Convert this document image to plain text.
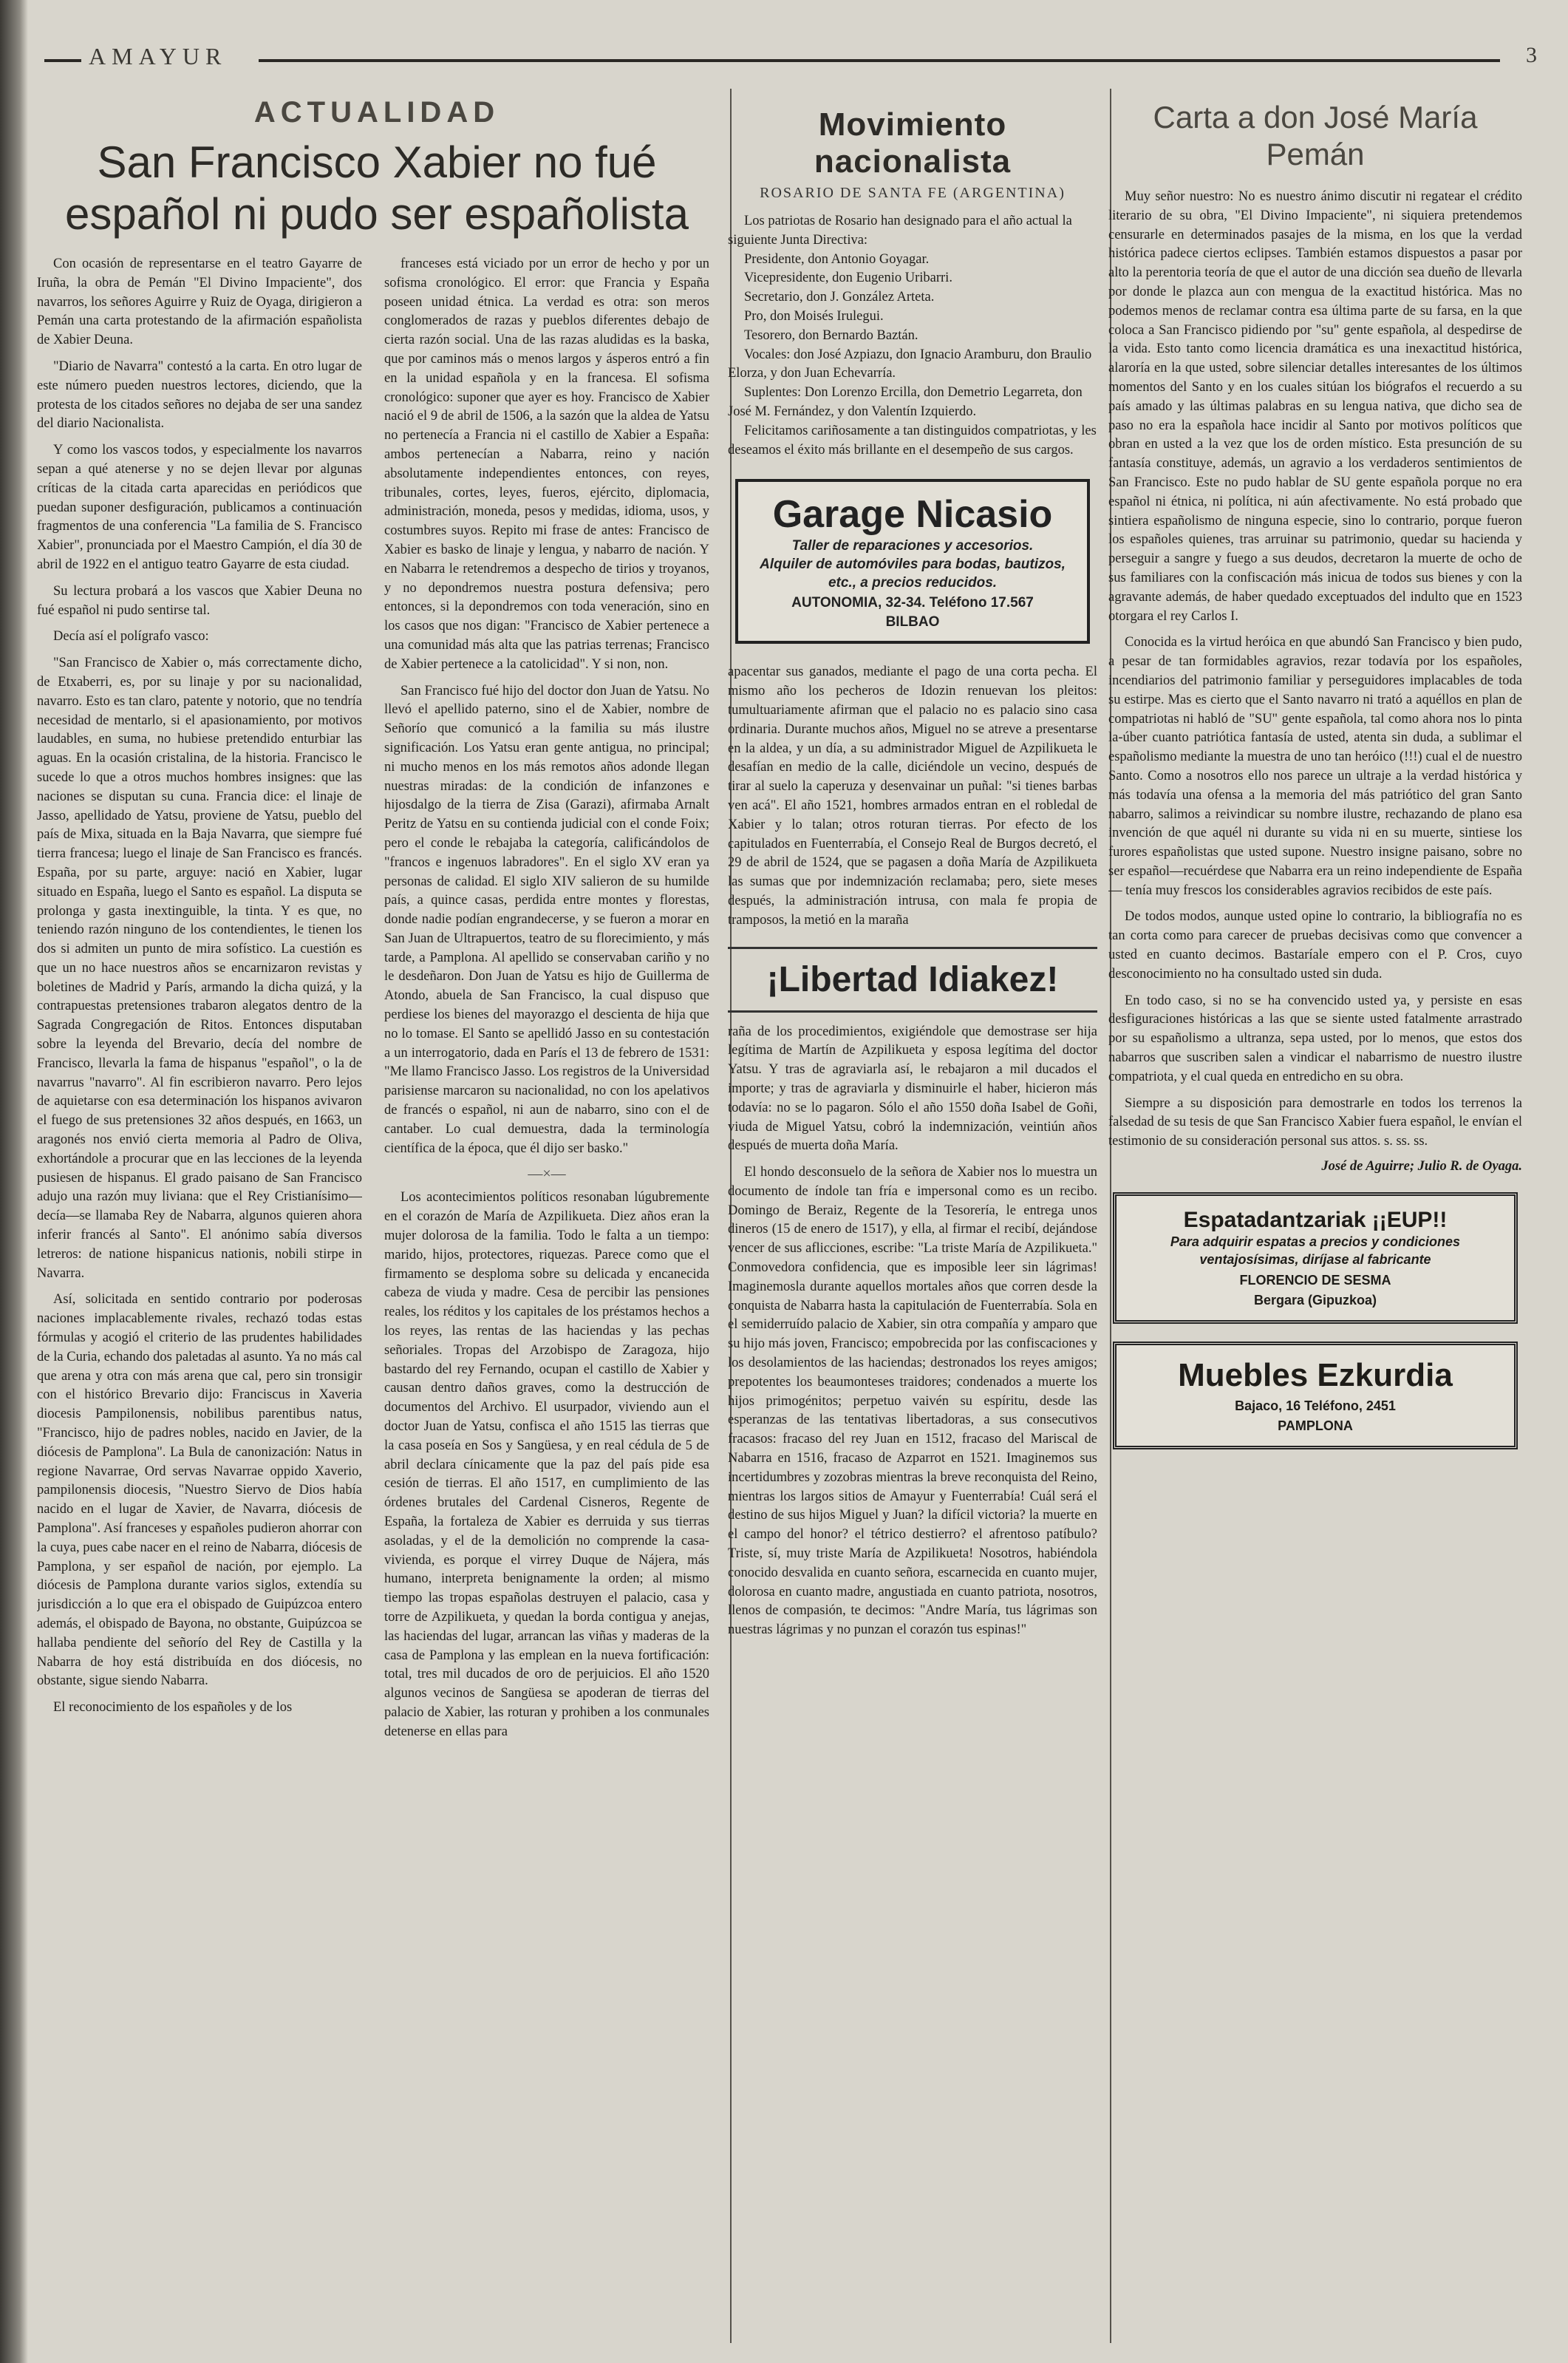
AMAYUR	3
ACTUALIDAD
San Francisco Xabier no fué español ni pudo ser españolista

Con ocasión de representarse en el teatro Gayarre de Iruña, la obra de Pemán "El Divino Impaciente", dos navarros, los señores Aguirre y Ruiz de Oyaga, dirigieron a Pemán una carta protestando de la afirmación españolista de Xabier Deuna.

"Diario de Navarra" contestó a la carta. En otro lugar de este número pueden nuestros lectores, diciendo, que la protesta de los citados señores no dejaba de ser una sandez del diario Nacionalista.

Y como los vascos todos, y especialmente los navarros sepan a qué atenerse y no se dejen llevar por algunas críticas de la citada carta aparecidas en periódicos que puedan suponer desfiguración, publicamos a continuación fragmentos de una conferencia "La familia de S. Francisco Xabier", pronunciada por el Maestro Campión, el día 30 de abril de 1922 en el antiguo teatro Gayarre de esta ciudad.

Su lectura probará a los vascos que Xabier Deuna no fué español ni pudo sentirse tal.

Decía así el polígrafo vasco:

"San Francisco de Xabier o, más correctamente dicho, de Etxaberri, es, por su linaje y por su nacionalidad, navarro. Esto es tan claro, patente y notorio, que no tendría necesidad de mentarlo, si el apasionamiento, por motivos laudables, en suma, no hubiese pretendido enturbiar las aguas. En la ocasión cristalina, de la historia. Francisco le sucede lo que a otros muchos hombres insignes: que las naciones se disputan su cuna. Francia dice: el linaje de Jasso, apellidado de Yatsu, proviene de Yatsu, pueblo del país de Mixa, situada en la Baja Navarra, que siempre fué tierra francesa; luego el linaje de San Francisco es francés. España, por su parte, arguye: nació en Xabier, lugar situado en España, luego el Santo es español. La disputa se prolonga y gasta inextinguible, la tinta. Y es que, no teniendo razón ninguno de los contendientes, le tienen los dos si admiten un punto de mira sofístico. La cuestión es que un no hace nuestros años se encarnizaron revistas y boletines de Madrid y París, armando la dicha quizá, y la contrapuestas pretensiones trabaron alegatos dentro de la Sagrada Congregación de Ritos. Entonces disputaban sobre la leyenda del Brevario, decía del nombre de Francisco, llevarla la fama de hispanus "español", o la de navarrus "navarro". Al fin escribieron navarro. Pero lejos de aquietarse con esa determinación los hispanos avivaron el fuego de sus pretensiones 32 años después, en 1663, un aragonés nos envió cierta memoria al Padro de Oliva, exhortándole a procurar que en las lecciones de la leyenda pusiesen de hispanus. El grado paisano de San Francisco adujo una razón muy liviana: que el Rey Cristianísimo—decía—se llamaba Rey de Nabarra, algunos quieren ahora inferir francés al Santo". El anónimo sabía diversos letreros: de natione hispanicus nationis, nobili stirpe in Navarra.

Así, solicitada en sentido contrario por poderosas naciones implacablemente rivales, rechazó todas estas fórmulas y acogió el criterio de las prudentes habilidades de la Curia, echando dos paletadas al asunto. Ya no más cal que arena y otra con más arena que cal, pero sin tronsigir con el histórico Brevario dijo: Franciscus in Xaveria diocesis Pampilonensis, nobilibus parentibus natus, "Francisco, hijo de padres nobles, nacido en Javier, de la diócesis de Pamplona". La Bula de canonización: Natus in regione Navarrae, Ord servas Navarrae oppido Xaverio, pampilonensis diocesis, "Nuestro Siervo de Dios había nacido en el lugar de Xavier, de Navarra, diócesis de Pamplona". Así franceses y españoles pudieron ahorrar con la cuya, pues cabe nacer en el reino de Nabarra, diócesis de Pamplona, y ser español de nación, por ejemplo. La diócesis de Pamplona durante varios siglos, extendía su jurisdicción a lo que era el obispado de Guipúzcoa entero además, el obispado de Bayona, no obstante, Guipúzcoa se hallaba pendiente del señorío del Rey de Castilla y la Nabarra de hoy está distribuída en dos diócesis, no obstante, sigue siendo Nabarra.

El reconocimiento de los españoles y de los

franceses está viciado por un error de hecho y por un sofisma cronológico. El error: que Francia y España poseen unidad étnica. La verdad es otra: son meros conglomerados de razas y pueblos diferentes debajo de cierta razón social. Una de las razas aludidas es la baska, que por caminos más o menos largos y ásperos entró a fin en la unidad española y en la francesa. El sofisma cronológico: suponer que ayer es hoy. Francisco de Xabier nació el 9 de abril de 1506, a la sazón que la aldea de Yatsu no pertenecía a Francia ni el castillo de Xabier a España: ambos pertenecían a Nabarra, reino y nación absolutamente independientes entonces, con reyes, tribunales, cortes, leyes, fueros, ejército, diplomacia, administración, moneda, pesos y medidas, idioma, usos, y costumbres suyos. Repito mi frase de antes: Francisco de Xabier es basko de linaje y lengua, y nabarro de nación. Y en Nabarra le retendremos a despecho de tirios y troyanos, y no depondremos nuestra postura defensiva; pero entonces, si la depondremos con toda veneración, sino en los casos que nos digan: "Francisco de Xabier pertenece a una comunidad más alta que las patrias terrenas; Francisco de Xabier pertenece a la catolicidad". Y si non, non.

San Francisco fué hijo del doctor don Juan de Yatsu. No llevó el apellido paterno, sino el de Xabier, nombre de Señorío que comunicó a la familia su más ilustre significación. Los Yatsu eran gente antigua, no principal; ni mucho menos en los más remotos años adonde llegan nuestras miradas: de la condición de infanzones e hijosdalgo de la tierra de Zisa (Garazi), afirmaba Arnalt Peritz de Yatsu en su contienda judicial con el conde Foix; pero el conde le rebajaba la categoría, calificándolos de "francos e ingenuos labradores". En el siglo XV eran ya personas de calidad. El siglo XIV salieron de su humilde país, a quince casas, perdida entre montes y florestas, donde nadie podían engrandecerse, y se fueron a morar en San Juan de Ultrapuertos, teatro de su florecimiento, y más tarde, a Pamplona. Al apellido se conservaban cariño y no le desdeñaron. Don Juan de Yatsu es hijo de Guillerma de Atondo, abuela de San Francisco, la cual dispuso que perdiese los bienes del mayorazgo el descienta de hija que no lo tomase. El Santo se apellidó Jasso en su contestación a un interrogatorio, dada en París el 13 de febrero de 1531: "Me llamo Francisco Jasso. Los registros de la Universidad parisiense marcaron su nacionalidad, no con los apelativos de francés o español, ni aun de nabarro, sino con el de cantaber. Lo cual demuestra, dada la terminología científica de la época, que él dijo ser basko."

—×—

Los acontecimientos políticos resonaban lúgubremente en el corazón de María de Azpilikueta. Diez años eran la mujer dolorosa de la familia. Todo le falta a un tiempo: marido, hijos, protectores, riquezas. Parece como que el firmamento se desploma sobre su delicada y encanecida cabeza de viuda y madre. Cesa de percibir las pensiones reales, los réditos y los capitales de los préstamos hechos a los reyes, las rentas de las haciendas y las pechas señoriales. Tropas del Arzobispo de Zaragoza, hijo bastardo del rey Fernando, ocupan el castillo de Xabier y causan dentro daños graves, como la destrucción de documentos del Archivo. El usurpador, viviendo aun el doctor Juan de Yatsu, confisca el año 1515 las tierras que la casa poseía en Sos y Sangüesa, y en real cédula de 5 de abril declara cínicamente que la paz del país pide esa cesión de tierras. El año 1517, en cumplimiento de las órdenes brutales del Cardenal Cisneros, Regente de España, la fortaleza de Xabier es derruida y sus tierras asoladas, y el de la demolición no comprende la casa-vivienda, es porque el virrey Duque de Nájera, más humano, interpreta benignamente la orden; al mismo tiempo las tropas españolas destruyen el palacio, casa y torre de Azpilikueta, y quedan la borda contigua y anejas, las haciendas del lugar, arrancan las viñas y maderas de la casa de Pamplona y las emplean en la nueva fortificación: total, tres mil ducados de oro de perjuicios. El año 1520 algunos vecinos de Sangüesa se apoderan de tierras del palacio de Xabier, las roturan y prohiben a los conmunales detenerse en ellas para

Movimiento nacionalista
ROSARIO DE SANTA FE (ARGENTINA)

Los patriotas de Rosario han designado para el año actual la siguiente Junta Directiva:

Presidente, don Antonio Goyagar.

Vicepresidente, don Eugenio Uribarri.

Secretario, don J. González Arteta.

Pro, don Moisés Irulegui.

Tesorero, don Bernardo Baztán.

Vocales: don José Azpiazu, don Ignacio Aramburu, don Braulio Elorza, y don Juan Echevarría.

Suplentes: Don Lorenzo Ercilla, don Demetrio Legarreta, don José M. Fernández, y don Valentín Izquierdo.

Felicitamos cariñosamente a tan distinguidos compatriotas, y les deseamos el éxito más brillante en el desempeño de sus cargos.

Garage Nicasio
Taller de reparaciones y accesorios.
Alquiler de automóviles para bodas, bautizos, etc., a precios reducidos.
AUTONOMIA, 32-34. Teléfono 17.567
BILBAO

apacentar sus ganados, mediante el pago de una corta pecha. El mismo año los pecheros de Idozin renuevan los pleitos: tumultuariamente afirman que el palacio no es palacio sino casa ordinaria. Durante muchos años, Miguel no se atreve a presentarse en la aldea, y un día, a su administrador Miguel de Azpilikueta le desafían en medio de la calle, diciéndole un vecino, después de tirar al suelo la caperuza y desenvainar un puñal: "si tienes barbas ven acá". El año 1521, hombres armados entran en el robledal de Xabier y lo talan; otros roturan tierras. Por efecto de los capitulados en Fuenterrabía, el Consejo Real de Burgos decretó, el 29 de abril de 1524, que se pagasen a doña María de Azpilikueta las sumas que por indemnización reclamaba; pero, siete meses después, la administración intrusa, con mala fe propia de tramposos, la metió en la maraña

¡Libertad Idiakez!

raña de los procedimientos, exigiéndole que demostrase ser hija legítima de Martín de Azpilikueta y esposa legítima del doctor Yatsu. Y tras de agraviarla así, le rebajaron a mil ducados el importe; y tras de agraviarla y disminuirle el haber, hicieron más todavía: no se lo pagaron. Sólo el año 1550 doña Isabel de Goñi, viuda de Miguel Yatsu, cobró la indemnización, veintiún años después de muerta doña María.

El hondo desconsuelo de la señora de Xabier nos lo muestra un documento de índole tan fría e impersonal como es un recibo. Domingo de Beraiz, Regente de la Tesorería, le entrega unos dineros (15 de enero de 1517), y ella, al firmar el recibí, dejándose vencer de sus aflicciones, escribe: "La triste María de Azpilikueta." Conmovedora confidencia, que es imposible leer sin lágrimas! Imaginemosla durante aquellos mortales años que corren desde la conquista de Nabarra hasta la capitulación de Fuenterrabía. Sola en el semiderruído palacio de Xabier, sin otra compañía y amparo que su hijo más joven, Francisco; empobrecida por las confiscaciones y los desolamientos de las haciendas; destronados los reyes amigos; prepotentes los beaumonteses traidores; condenados a muerte los hijos primogénitos; perpetuo vaivén su espíritu, desde las esperanzas de las tentativas libertadoras, a sus consecutivos fracasos: fracaso del rey Juan en 1512, fracaso del Mariscal de Nabarra en 1516, fracaso de Azparrot en 1521. Imaginemos sus incertidumbres y zozobras mientras la breve reconquista del Reino, mientras los largos sitios de Amayur y Fuenterrabía! Cuál será el destino de sus hijos Miguel y Juan? la difícil victoria? la muerte en el campo del honor? el tétrico destierro? el afrentoso patíbulo? Triste, sí, muy triste María de Azpilikueta! Nosotros, habiéndola conocido desvalida en cuanto señora, escarnecida en cuanto mujer, dolorosa en cuanto madre, angustiada en cuanto patriota, nosotros, llenos de compasión, te decimos: "Andre María, tus lágrimas son nuestras lágrimas y no punzan el corazón tus espinas!"

Carta a don José María Pemán

Muy señor nuestro: No es nuestro ánimo discutir ni regatear el crédito literario de su obra, "El Divino Impaciente", ni siquiera pretendemos censurarle en determinados pasajes de la misma, en los que la verdad histórica padece ciertos eclipses. También estamos dispuestos a pasar por alto la perentoria teoría de que el autor de una dicción sea dueño de llevarla por donde le plazca aun con mengua de la exactitud histórica. Mas no podemos menos de reclamar contra esa última parte de su farsa, en la que coloca a San Francisco pidiendo por "su" gente española, al despedirse de la vida. Esto tanto como licencia dramática es una inexactitud histórica, alaroría en la que usted, sobre silenciar detalles interesantes de los últimos momentos del Santo y en los cuales sitúan los biógrafos el recuerdo a su país amado y las últimas palabras en su lengua nativa, que dicho sea de paso no era la española hace incidir al Santo por motivos políticos que obran en usted a la vez que los de orden místico. Esta presunción de su fantasía constituye, además, un agravio a los verdaderos sentimientos de San Francisco. Este no pudo hablar de SU gente española porque no era español ni étnica, ni política, ni aún afectivamente. No está probado que sintiera españolismo de ninguna especie, sino lo contrario, porque fueron los españoles quienes, tras arruinar su patrimonio, quedar su hacienda y perseguir a sangre y fuego a sus deudos, decretaron la muerte de ocho de sus familiares con la confiscación más inicua de todos sus bienes y con la agravante además, de haber quedado exceptuados del indulto que en 1523 otorgara el rey Carlos I.

Conocida es la virtud heróica en que abundó San Francisco y bien pudo, a pesar de tan formidables agravios, rezar todavía por los españoles, incendiarios del patrimonio familiar y perseguidores implacables de toda su estirpe. Mas es cierto que el Santo navarro ni trató a aquéllos en plan de compatriotas ni habló de "SU" gente española, tal como ahora nos lo pinta la-úber cuanto patriótica fantasía de usted, atenta sin duda, a sublimar el españolismo mediante la muestra de uno tan heróico (!!!) cual el de nuestro Santo. Como a nosotros ello nos parece un ultraje a la verdad histórica y más todavía una ofensa a la memoria del más patriótico del gran Santo nabarro, salimos a reivindicar su nombre ilustre, rechazando de plano esa invención de que aquél ni durante su vida ni en su muerte, sintiese los furores españolistas que usted supone. Nuestro insigne paisano, sobre no ser español—recuérdese que Nabarra era un reino independiente de España— tenía muy frescos los considerables agravios recibidos de este país.

De todos modos, aunque usted opine lo contrario, la bibliografía no es tan corta como para carecer de pruebas decisivas como que convencer a usted en cuanto decimos. Bastaríale empero con el P. Cros, cuyo desconocimiento no ha consultado usted sin duda.

En todo caso, si no se ha convencido usted ya, y persiste en esas desfiguraciones históricas a las que se siente usted fatalmente arrastrado por su españolismo a ultranza, sepa usted, por lo menos, que estos dos nabarros que suscriben salen a vindicar el nabarrismo de nuestro ilustre compatriota, y el cual queda en entredicho en su obra.

Siempre a su disposición para demostrarle en todos los terrenos la falsedad de su tesis de que San Francisco Xabier fuera español, le envían el testimonio de su consideración personal sus attos. s. ss. ss.

José de Aguirre; Julio R. de Oyaga.
Espatadantzariak ¡¡EUP!!
Para adquirir espatas a precios y condiciones ventajosísimas, diríjase al fabricante
FLORENCIO DE SESMA
Bergara (Gipuzkoa)
Muebles Ezkurdia
Bajaco, 16 Teléfono, 2451
PAMPLONA
